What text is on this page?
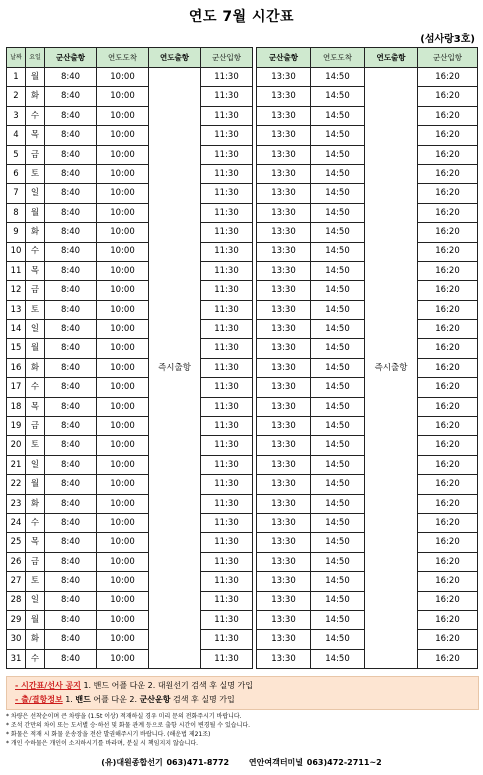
연도 7월 시간표
(섬사랑3호)
날짜	요일	군산출항	연도도착	연도출항	군산입항		군산출항	연도도착	연도출항	군산입항
1	월	8:40	10:00	즉시출항	11:30		13:30	14:50	즉시출항	16:20
2	화	8:40	10:00		11:30		13:30	14:50		16:20
3	수	8:40	10:00		11:30		13:30	14:50		16:20
4	목	8:40	10:00		11:30		13:30	14:50		16:20
5	금	8:40	10:00		11:30		13:30	14:50		16:20
6	토	8:40	10:00		11:30		13:30	14:50		16:20
7	일	8:40	10:00		11:30		13:30	14:50		16:20
8	월	8:40	10:00		11:30		13:30	14:50		16:20
9	화	8:40	10:00		11:30		13:30	14:50		16:20
10	수	8:40	10:00		11:30		13:30	14:50		16:20
11	목	8:40	10:00		11:30		13:30	14:50		16:20
12	금	8:40	10:00		11:30		13:30	14:50		16:20
13	토	8:40	10:00		11:30		13:30	14:50		16:20
14	일	8:40	10:00		11:30		13:30	14:50		16:20
15	월	8:40	10:00		11:30		13:30	14:50		16:20
16	화	8:40	10:00		11:30		13:30	14:50		16:20
17	수	8:40	10:00		11:30		13:30	14:50		16:20
18	목	8:40	10:00		11:30		13:30	14:50		16:20
19	금	8:40	10:00		11:30		13:30	14:50		16:20
20	토	8:40	10:00		11:30		13:30	14:50		16:20
21	일	8:40	10:00		11:30		13:30	14:50		16:20
22	월	8:40	10:00		11:30		13:30	14:50		16:20
23	화	8:40	10:00		11:30		13:30	14:50		16:20
24	수	8:40	10:00		11:30		13:30	14:50		16:20
25	목	8:40	10:00		11:30		13:30	14:50		16:20
26	금	8:40	10:00		11:30		13:30	14:50		16:20
27	토	8:40	10:00		11:30		13:30	14:50		16:20
28	일	8:40	10:00		11:30		13:30	14:50		16:20
29	월	8:40	10:00		11:30		13:30	14:50		16:20
30	화	8:40	10:00		11:30		13:30	14:50		16:20
31	수	8:40	10:00		11:30		13:30	14:50		16:20
- 시간표/선사 공지 1. 밴드 어플 다운 2. 대원선기 검색 후 실명 가입
- 출/결항정보 1. 밴드 어플 다운 2. 군산운항 검색 후 실명 가입
* 차량은 선착순이며 큰 차량을 (1.5t 이상) 적재하실 경우 미리 문의 전화주시기 바랍니다.
* 조석 간만의 차이 또는 도서별 승·하선 및 화물 관계 등으로 출항 시간이 변경될 수 있습니다.
* 화물은 적재 시 화물 운송장을 전산 발권해주시기 바랍니다. (해운법 제21조)
* 개인 수하물은 개인이 소지하시기를 바라며, 분실 시 책임지지 않습니다.
(유)대원종합선기 063)471-8772 연안여객터미널 063)472-2711~2
